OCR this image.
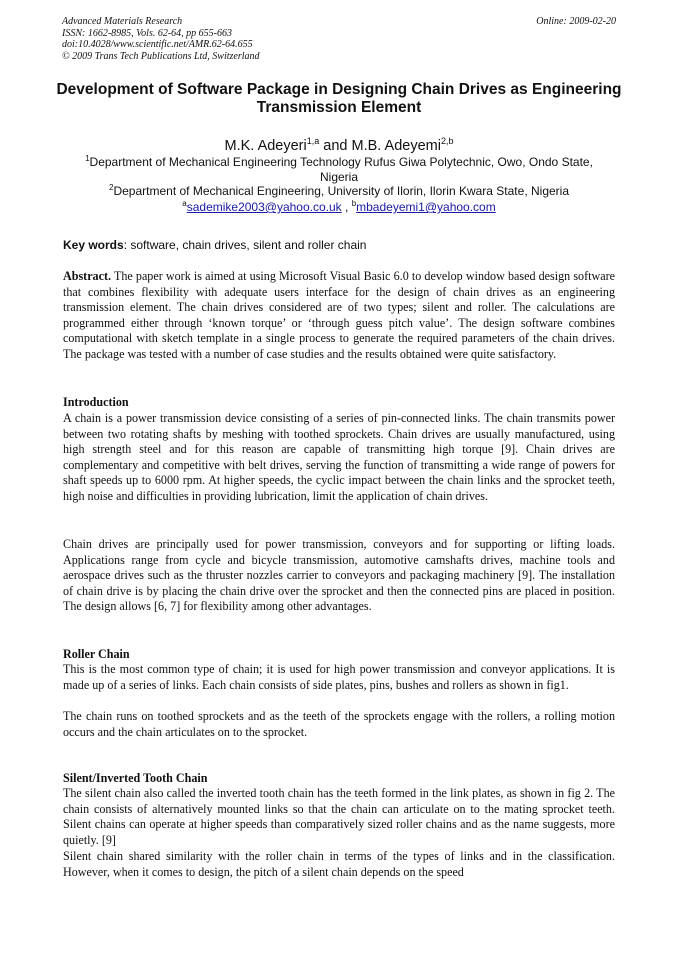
Advanced Materials Research
ISSN: 1662-8985, Vols. 62-64, pp 655-663
doi:10.4028/www.scientific.net/AMR.62-64.655
© 2009 Trans Tech Publications Ltd, Switzerland
Online: 2009-02-20
Development of Software Package in Designing Chain Drives as Engineering Transmission Element
M.K. Adeyeri$^{1,a}$ and M.B. Adeyemi$^{2,b}$
$^1$Department of Mechanical Engineering Technology Rufus Giwa Polytechnic, Owo, Ondo State, Nigeria
$^2$Department of Mechanical Engineering, University of Ilorin, Ilorin Kwara State, Nigeria
$^a$sademike2003@yahoo.co.uk , $^b$mbadeyemi1@yahoo.com
Key words: software, chain drives, silent and roller chain
Abstract. The paper work is aimed at using Microsoft Visual Basic 6.0 to develop window based design software that combines flexibility with adequate users interface for the design of chain drives as an engineering transmission element. The chain drives considered are of two types; silent and roller. The calculations are programmed either through ‘known torque’ or ‘through guess pitch value’. The design software combines computational with sketch template in a single process to generate the required parameters of the chain drives. The package was tested with a number of case studies and the results obtained were quite satisfactory.
Introduction
A chain is a power transmission device consisting of a series of pin-connected links. The chain transmits power between two rotating shafts by meshing with toothed sprockets. Chain drives are usually manufactured, using high strength steel and for this reason are capable of transmitting high torque [9]. Chain drives are complementary and competitive with belt drives, serving the function of transmitting a wide range of powers for shaft speeds up to 6000 rpm. At higher speeds, the cyclic impact between the chain links and the sprocket teeth, high noise and difficulties in providing lubrication, limit the application of chain drives.
Chain drives are principally used for power transmission, conveyors and for supporting or lifting loads. Applications range from cycle and bicycle transmission, automotive camshafts drives, machine tools and aerospace drives such as the thruster nozzles carrier to conveyors and packaging machinery [9]. The installation of chain drive is by placing the chain drive over the sprocket and then the connected pins are placed in position. The design allows [6, 7] for flexibility among other advantages.
Roller Chain
This is the most common type of chain; it is used for high power transmission and conveyor applications. It is made up of a series of links. Each chain consists of side plates, pins, bushes and rollers as shown in fig1.
The chain runs on toothed sprockets and as the teeth of the sprockets engage with the rollers, a rolling motion occurs and the chain articulates on to the sprocket.
Silent/Inverted Tooth Chain
The silent chain also called the inverted tooth chain has the teeth formed in the link plates, as shown in fig 2. The chain consists of alternatively mounted links so that the chain can articulate on to the mating sprocket teeth. Silent chains can operate at higher speeds than comparatively sized roller chains and as the name suggests, more quietly. [9]
Silent chain shared similarity with the roller chain in terms of the types of links and in the classification. However, when it comes to design, the pitch of a silent chain depends on the speed
